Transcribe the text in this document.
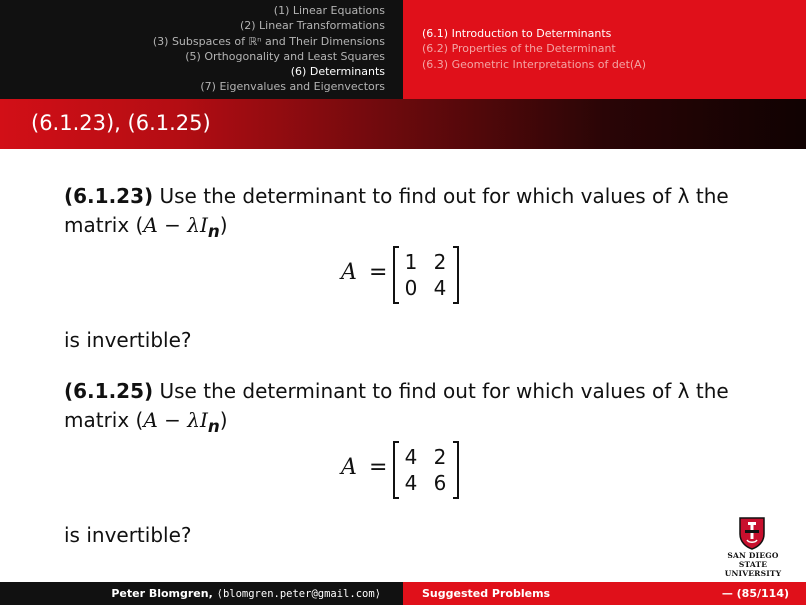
(1) Linear Equations
(2) Linear Transformations
(3) Subspaces of ℝⁿ and Their Dimensions
(5) Orthogonality and Least Squares
(6) Determinants
(7) Eigenvalues and Eigenvectors
(6.1) Introduction to Determinants
(6.2) Properties of the Determinant
(6.3) Geometric Interpretations of det(A)
(6.1.23), (6.1.25)
(6.1.23) Use the determinant to find out for which values of λ the
matrix $(A - \lambda I_n)$
A = 1 2
0 4
is invertible?
(6.1.25) Use the determinant to find out for which values of λ the
matrix $(A - \lambda I_n)$
A = 4 2
4 6
is invertible?
SAN DIEGO STATE
UNIVERSITY
Peter Blomgren, ⟨blomgren.peter@gmail.com⟩	Suggested Problems	— (85/114)
